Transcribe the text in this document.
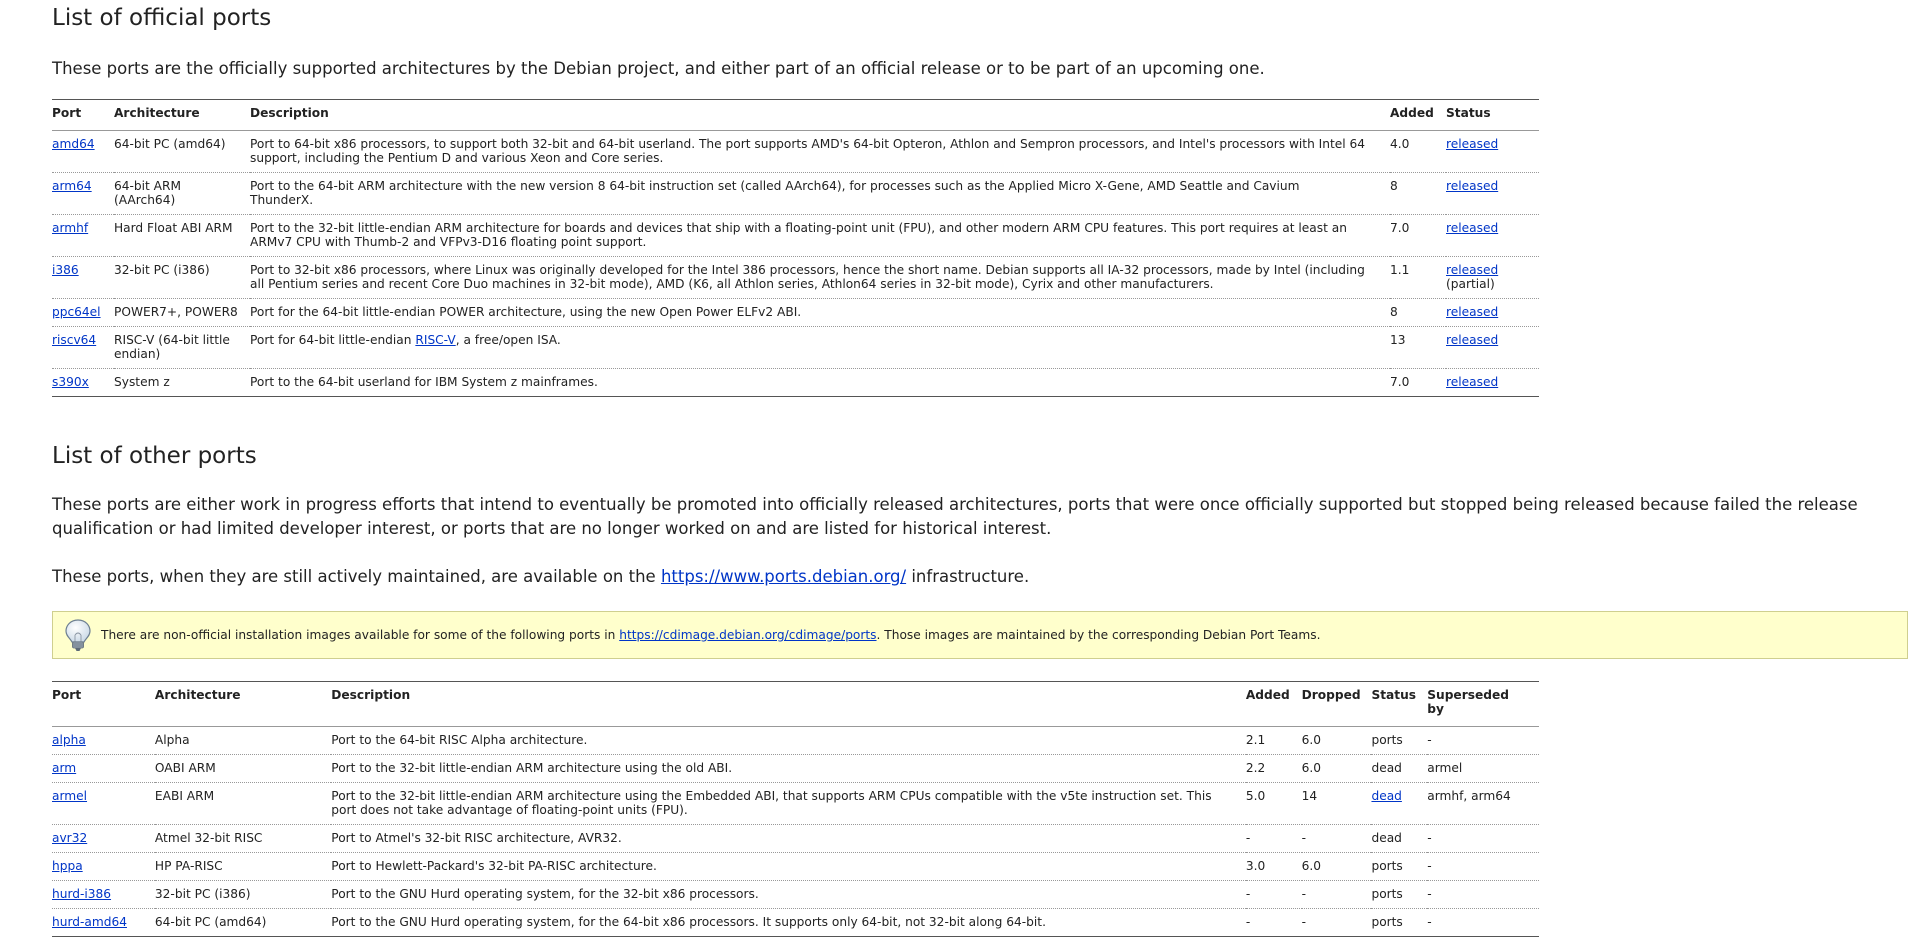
List of official ports

These ports are the officially supported architectures by the Debian project, and either part of an official release or to be part of an upcoming one.

Port	Architecture	Description	Added	Status
amd64	64-bit PC (amd64)	Port to 64-bit x86 processors, to support both 32-bit and 64-bit userland. The port supports AMD's 64-bit Opteron, Athlon and Sempron processors, and Intel's processors with Intel 64 support, including the Pentium D and various Xeon and Core series.	4.0	released
arm64	64-bit ARM (AArch64)	Port to the 64-bit ARM architecture with the new version 8 64-bit instruction set (called AArch64), for processes such as the Applied Micro X-Gene, AMD Seattle and Cavium ThunderX.	8	released
armhf	Hard Float ABI ARM	Port to the 32-bit little-endian ARM architecture for boards and devices that ship with a floating-point unit (FPU), and other modern ARM CPU features. This port requires at least an ARMv7 CPU with Thumb-2 and VFPv3-D16 floating point support.	7.0	released
i386	32-bit PC (i386)	Port to 32-bit x86 processors, where Linux was originally developed for the Intel 386 processors, hence the short name. Debian supports all IA-32 processors, made by Intel (including all Pentium series and recent Core Duo machines in 32-bit mode), AMD (K6, all Athlon series, Athlon64 series in 32-bit mode), Cyrix and other manufacturers.	1.1	released
(partial)
ppc64el	POWER7+, POWER8	Port for the 64-bit little-endian POWER architecture, using the new Open Power ELFv2 ABI.	8	released
riscv64	RISC-V (64-bit little endian)	Port for 64-bit little-endian RISC-V, a free/open ISA.	13	released
s390x	System z	Port to the 64-bit userland for IBM System z mainframes.	7.0	released
List of other ports

These ports are either work in progress efforts that intend to eventually be promoted into officially released architectures, ports that were once officially supported but stopped being released because failed the release qualification or had limited developer interest, or ports that are no longer worked on and are listed for historical interest.

These ports, when they are still actively maintained, are available on the https://www.ports.debian.org/ infrastructure.

There are non-official installation images available for some of the following ports in https://cdimage.debian.org/cdimage/ports. Those images are maintained by the corresponding Debian Port Teams.
Port	Architecture	Description	Added	Dropped	Status	Superseded by
alpha	Alpha	Port to the 64-bit RISC Alpha architecture.	2.1	6.0	ports	-
arm	OABI ARM	Port to the 32-bit little-endian ARM architecture using the old ABI.	2.2	6.0	dead	armel
armel	EABI ARM	Port to the 32-bit little-endian ARM architecture using the Embedded ABI, that supports ARM CPUs compatible with the v5te instruction set. This port does not take advantage of floating-point units (FPU).	5.0	14	dead	armhf, arm64
avr32	Atmel 32-bit RISC	Port to Atmel's 32-bit RISC architecture, AVR32.	-	-	dead	-
hppa	HP PA-RISC	Port to Hewlett-Packard's 32-bit PA-RISC architecture.	3.0	6.0	ports	-
hurd-i386	32-bit PC (i386)	Port to the GNU Hurd operating system, for the 32-bit x86 processors.	-	-	ports	-
hurd-amd64	64-bit PC (amd64)	Port to the GNU Hurd operating system, for the 64-bit x86 processors. It supports only 64-bit, not 32-bit along 64-bit.	-	-	ports	-
